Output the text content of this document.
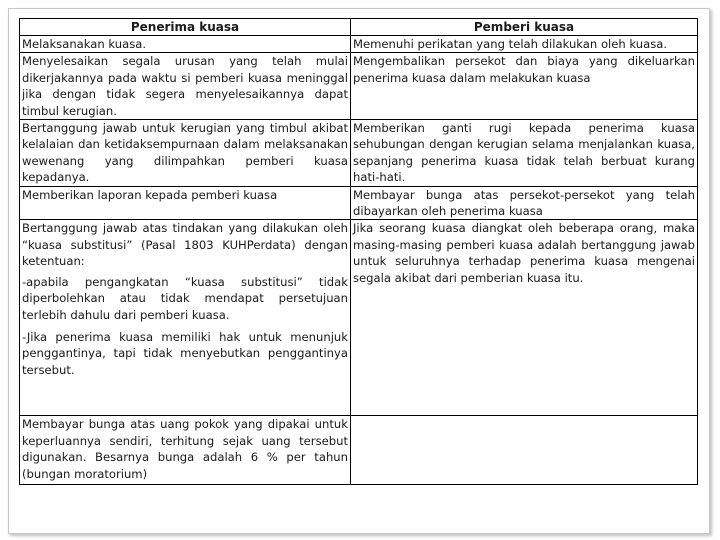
Penerima kuasa	Pemberi kuasa

Melaksanakan kuasa.	Memenuhi perikatan yang telah dilakukan oleh kuasa.

Menyelesaikan segala urusan yang telah mulai dikerjakannya pada waktu si pemberi kuasa meninggal jika dengan tidak segera menyelesaikannya dapat timbul kerugian.	Mengembalikan persekot dan biaya yang dikeluarkan penerima kuasa dalam melakukan kuasa

Bertanggung jawab untuk kerugian yang timbul akibat kelalaian dan ketidaksempurnaan dalam melaksanakan wewenang yang dilimpahkan pemberi kuasa kepadanya.	Memberikan ganti rugi kepada penerima kuasa sehubungan dengan kerugian selama menjalankan kuasa, sepanjang penerima kuasa tidak telah berbuat kurang hati-hati.

Memberikan laporan kepada pemberi kuasa	Membayar bunga atas persekot-persekot yang telah dibayarkan oleh penerima kuasa

Bertanggung jawab atas tindakan yang dilakukan oleh “kuasa substitusi” (Pasal 1803 KUHPerdata) dengan ketentuan:

-apabila pengangkatan “kuasa substitusi” tidak diperbolehkan atau tidak mendapat persetujuan terlebih dahulu dari pemberi kuasa.

-Jika penerima kuasa memiliki hak untuk menunjuk penggantinya, tapi tidak menyebutkan penggantinya tersebut.	Jika seorang kuasa diangkat oleh beberapa orang, maka masing-masing pemberi kuasa adalah bertanggung jawab untuk seluruhnya terhadap penerima kuasa mengenai segala akibat dari pemberian kuasa itu.

Membayar bunga atas uang pokok yang dipakai untuk keperluannya sendiri, terhitung sejak uang tersebut digunakan. Besarnya bunga adalah 6 % per tahun (bungan moratorium)	
